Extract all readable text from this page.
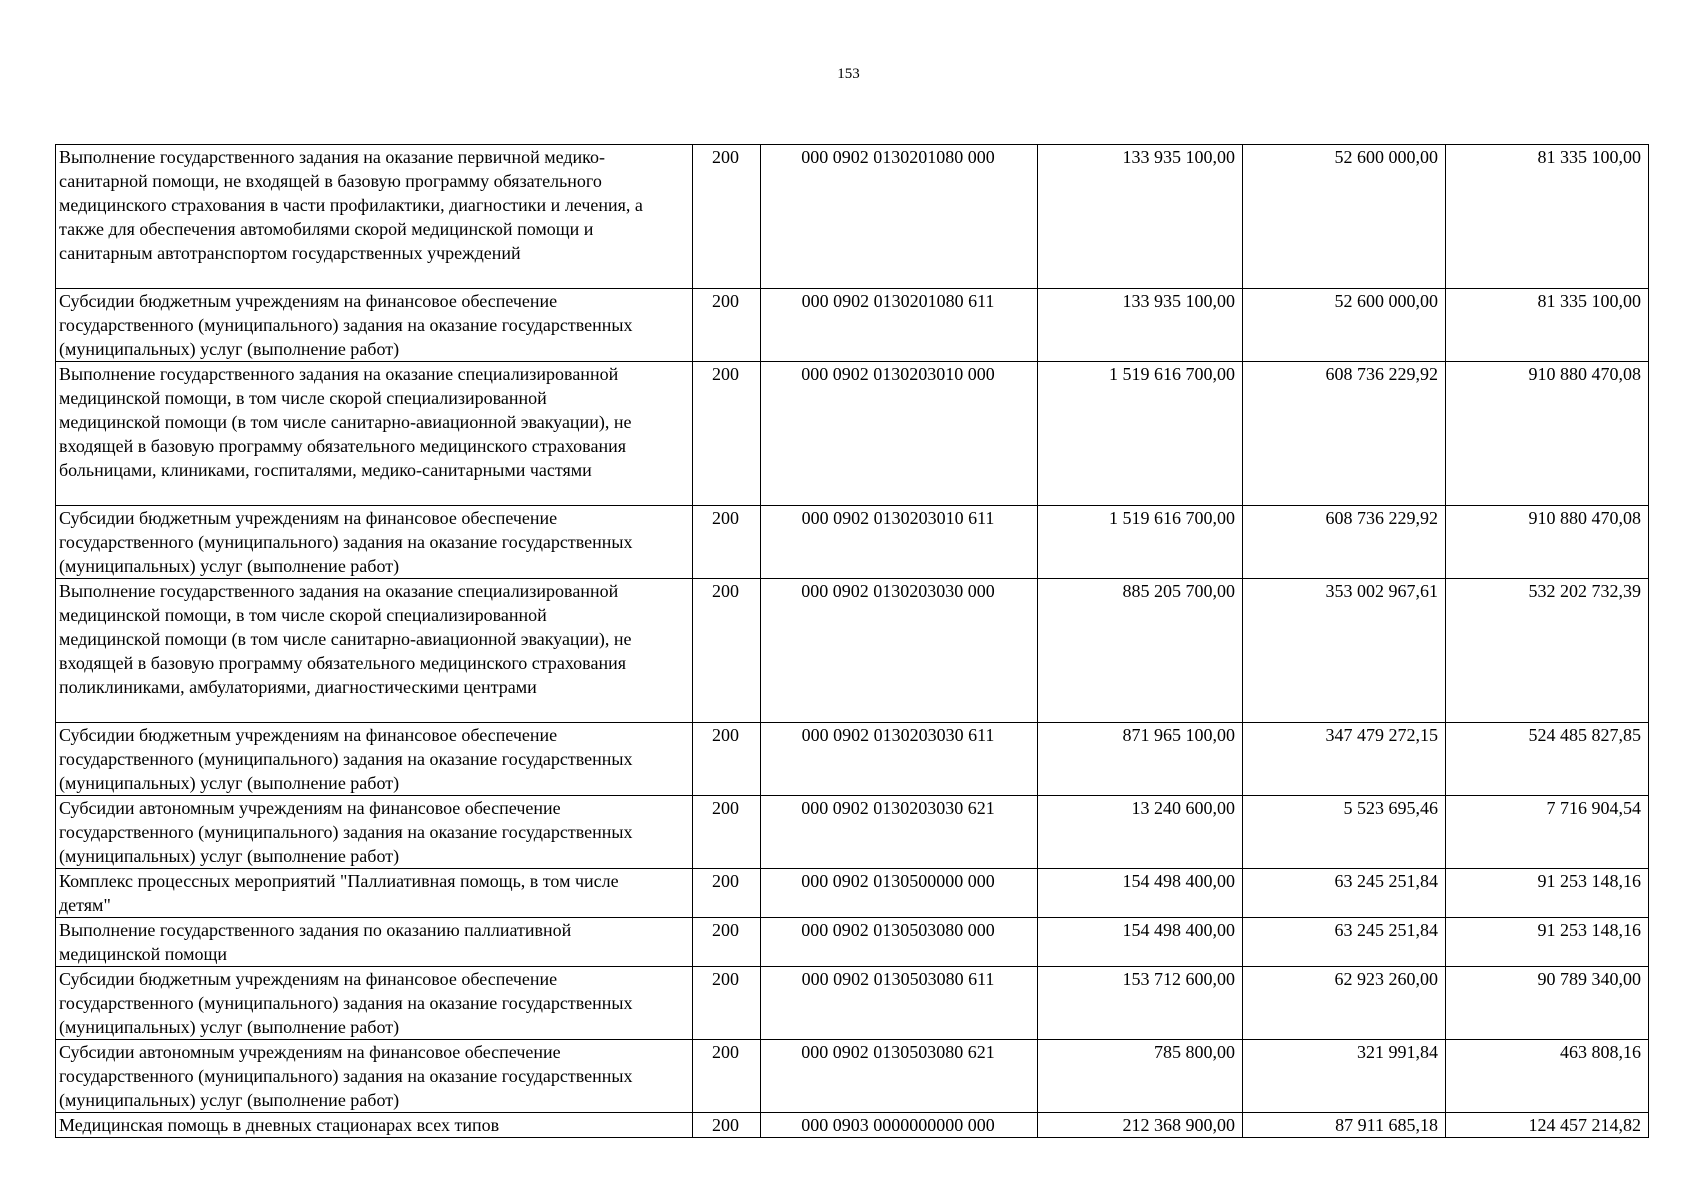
153
Выполнение государственного задания на оказание первичной медико-
санитарной помощи, не входящей в базовую программу обязательного
медицинского страхования в части профилактики, диагностики и лечения, а
также для обеспечения автомобилями скорой медицинской помощи и
санитарным автотранспортом государственных учреждений	200	000 0902 0130201080 000	133 935 100,00	52 600 000,00	81 335 100,00
Субсидии бюджетным учреждениям на финансовое обеспечение
государственного (муниципального) задания на оказание государственных
(муниципальных) услуг (выполнение работ)	200	000 0902 0130201080 611	133 935 100,00	52 600 000,00	81 335 100,00
Выполнение государственного задания на оказание специализированной
медицинской помощи, в том числе скорой специализированной
медицинской помощи (в том числе санитарно-авиационной эвакуации), не
входящей в базовую программу обязательного медицинского страхования
больницами, клиниками, госпиталями, медико-санитарными частями	200	000 0902 0130203010 000	1 519 616 700,00	608 736 229,92	910 880 470,08
Субсидии бюджетным учреждениям на финансовое обеспечение
государственного (муниципального) задания на оказание государственных
(муниципальных) услуг (выполнение работ)	200	000 0902 0130203010 611	1 519 616 700,00	608 736 229,92	910 880 470,08
Выполнение государственного задания на оказание специализированной
медицинской помощи, в том числе скорой специализированной
медицинской помощи (в том числе санитарно-авиационной эвакуации), не
входящей в базовую программу обязательного медицинского страхования
поликлиниками, амбулаториями, диагностическими центрами	200	000 0902 0130203030 000	885 205 700,00	353 002 967,61	532 202 732,39
Субсидии бюджетным учреждениям на финансовое обеспечение
государственного (муниципального) задания на оказание государственных
(муниципальных) услуг (выполнение работ)	200	000 0902 0130203030 611	871 965 100,00	347 479 272,15	524 485 827,85
Субсидии автономным учреждениям на финансовое обеспечение
государственного (муниципального) задания на оказание государственных
(муниципальных) услуг (выполнение работ)	200	000 0902 0130203030 621	13 240 600,00	5 523 695,46	7 716 904,54
Комплекс процессных мероприятий "Паллиативная помощь, в том числе
детям"	200	000 0902 0130500000 000	154 498 400,00	63 245 251,84	91 253 148,16
Выполнение государственного задания по оказанию паллиативной
медицинской помощи	200	000 0902 0130503080 000	154 498 400,00	63 245 251,84	91 253 148,16
Субсидии бюджетным учреждениям на финансовое обеспечение
государственного (муниципального) задания на оказание государственных
(муниципальных) услуг (выполнение работ)	200	000 0902 0130503080 611	153 712 600,00	62 923 260,00	90 789 340,00
Субсидии автономным учреждениям на финансовое обеспечение
государственного (муниципального) задания на оказание государственных
(муниципальных) услуг (выполнение работ)	200	000 0902 0130503080 621	785 800,00	321 991,84	463 808,16
Медицинская помощь в дневных стационарах всех типов	200	000 0903 0000000000 000	212 368 900,00	87 911 685,18	124 457 214,82
